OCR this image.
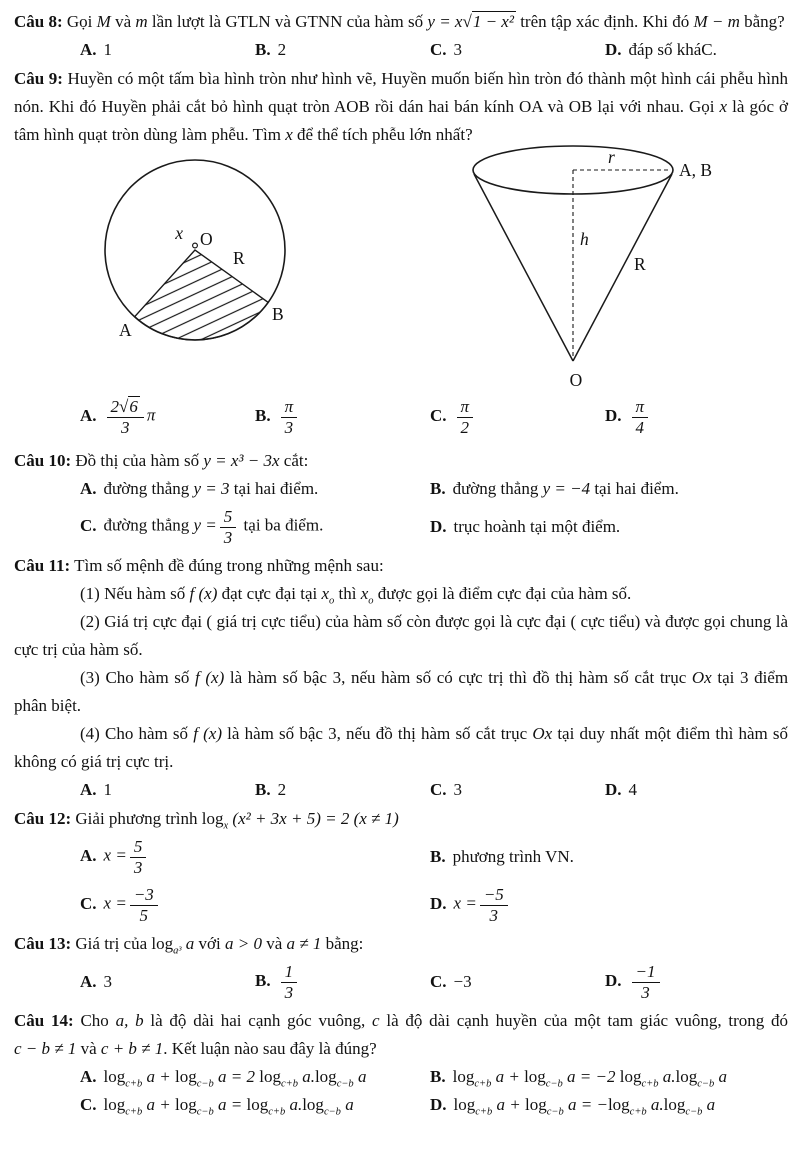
Câu 8: Gọi M và m lần lượt là GTLN và GTNN của hàm số y = x√1 − x² trên tập xác định. Khi đó M − m bằng?

A. 1	B. 2	C. 3	D. đáp số kháC.

Câu 9: Huyền có một tấm bìa hình tròn như hình vẽ, Huyền muốn biến hìn tròn đó thành một hình cái phễu hình nón. Khi đó Huyền phải cắt bỏ hình quạt tròn AOB rồi dán hai bán kính OA và OB lại với nhau. Gọi x là góc ở tâm hình quạt tròn dùng làm phễu. Tìm x để thể tích phễu lớn nhất?

x O
R
A
B
r
A, B
h
R
O
A. $\frac{2√6}{3}$ π	B. $\frac{\pi}{3}$	C. $\frac{\pi}{2}$	D. $\frac{\pi}{4}$

Câu 10: Đồ thị của hàm số y = x³ − 3x cắt:

A. đường thẳng y = 3 tại hai điểm.	B. đường thẳng y = −4 tại hai điểm.
C. đường thẳng $y = \frac{5}{3}$ tại ba điểm.	D. trục hoành tại một điểm.

Câu 11: Tìm số mệnh đề đúng trong những mệnh sau:

(1) Nếu hàm số f (x) đạt cực đại tại $x_o$ thì $x_o$ được gọi là điểm cực đại của hàm số.

(2) Giá trị cực đại ( giá trị cực tiểu) của hàm số còn được gọi là cực đại ( cực tiểu) và được gọi chung là cực trị của hàm số.

(3) Cho hàm số f (x) là hàm số bậc 3, nếu hàm số có cực trị thì đồ thị hàm số cắt trục Ox tại 3 điểm phân biệt.

(4) Cho hàm số f (x) là hàm số bậc 3, nếu đồ thị hàm số cắt trục Ox tại duy nhất một điểm thì hàm số không có giá trị cực trị.

A. 1	B. 2	C. 3	D. 4

Câu 12: Giải phương trình $\log_x (x^2 + 3x + 5) = 2$ (x ≠ 1)

A. $x = \frac{5}{3}$	B. phương trình VN.
C. $x = \frac{-3}{5}$	D. $x = \frac{-5}{3}$

Câu 13: Giá trị của $\log_{a^3} a$ với a > 0 và a ≠ 1 bằng:

A. 3	B. $\frac{1}{3}$	C. −3	D. $\frac{-1}{3}$

Câu 14: Cho a, b là độ dài hai cạnh góc vuông, c là độ dài cạnh huyền của một tam giác vuông, trong đó c − b ≠ 1 và c + b ≠ 1. Kết luận nào sau đây là đúng?

A. $\log_{c+b} a + \log_{c-b} a = 2$ $\log_{c+b} a.\log_{c-b}$ a	B. $\log_{c+b} a + \log_{c-b} a = -2$ $\log_{c+b} a.\log_{c-b}$ a
C. $\log_{c+b} a + \log_{c-b} a = \log_{c+b} a.\log_{c-b}$ a	D. $\log_{c+b} a + \log_{c-b} a = -\log_{c+b}$ $a.\log_{c-b}$ a
